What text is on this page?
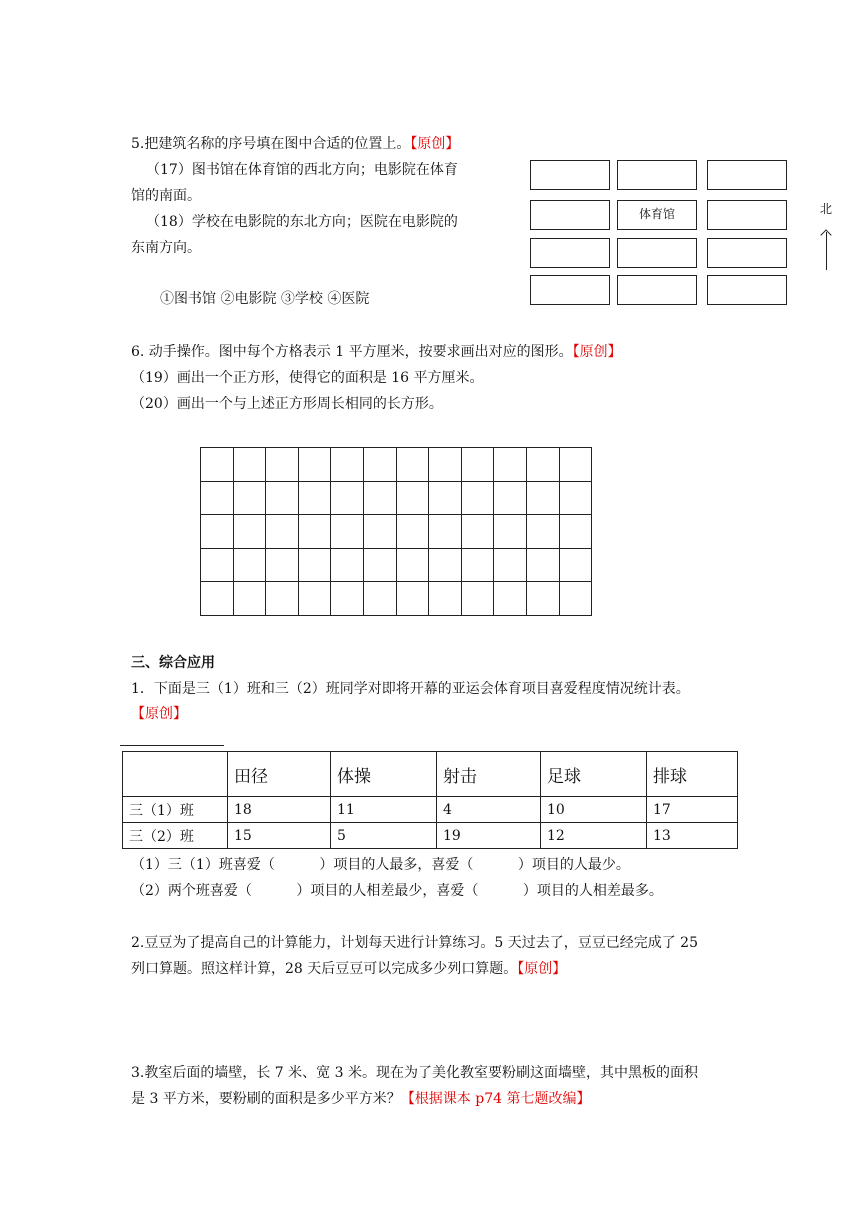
5.把建筑名称的序号填在图中合适的位置上。【原创】
（17）图书馆在体育馆的西北方向；电影院在体育
馆的南面。
（18）学校在电影院的东北方向；医院在电影院的
东南方向。
①图书馆 ②电影院 ③学校 ④医院
体育馆	北
6. 动手操作。图中每个方格表示 1 平方厘米，按要求画出对应的图形。【原创】
（19）画出一个正方形，使得它的面积是 16 平方厘米。
（20）画出一个与上述正方形周长相同的长方形。

三、综合应用
1．下面是三（1）班和三（2）班同学对即将开幕的亚运会体育项目喜爱程度情况统计表。
【原创】
	田径	体操	射击	足球	排球
三（1）班	18	11	4	10	17
三（2）班	15	5	19	12	13
（1）三（1）班喜爱（          ）项目的人最多，喜爱（          ）项目的人最少。
（2）两个班喜爱（          ）项目的人相差最少，喜爱（          ）项目的人相差最多。
2.豆豆为了提高自己的计算能力，计划每天进行计算练习。5 天过去了，豆豆已经完成了 25
列口算题。照这样计算，28 天后豆豆可以完成多少列口算题。【原创】
3.教室后面的墙壁，长 7 米、宽 3 米。现在为了美化教室要粉刷这面墙壁，其中黑板的面积
是 3 平方米，要粉刷的面积是多少平方米？【根据课本 p74 第七题改编】
